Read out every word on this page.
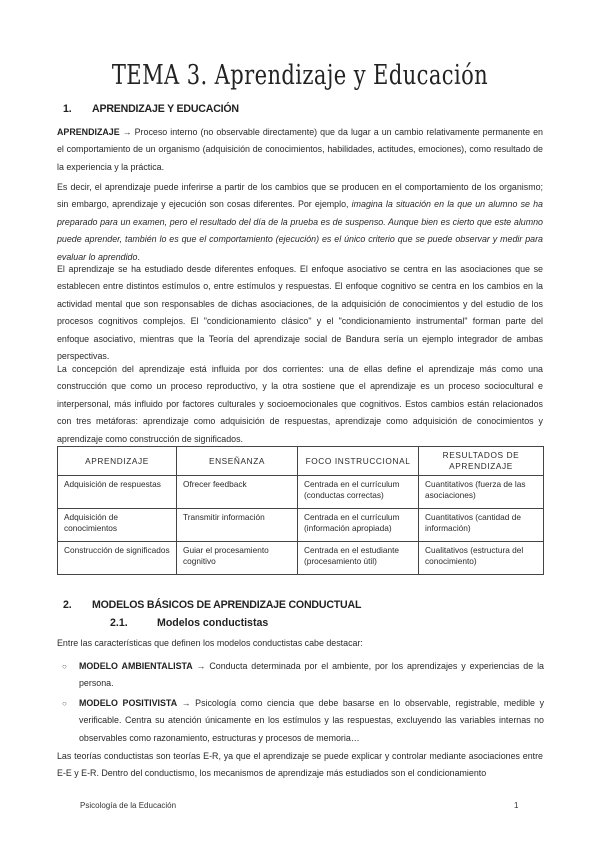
TEMA 3. Aprendizaje y Educación
1. APRENDIZAJE Y EDUCACIÓN

APRENDIZAJE → Proceso interno (no observable directamente) que da lugar a un cambio relativamente permanente en el comportamiento de un organismo (adquisición de conocimientos, habilidades, actitudes, emociones), como resultado de la experiencia y la práctica.

Es decir, el aprendizaje puede inferirse a partir de los cambios que se producen en el comportamiento de los organismo; sin embargo, aprendizaje y ejecución son cosas diferentes. Por ejemplo, imagina la situación en la que un alumno se ha preparado para un examen, pero el resultado del día de la prueba es de suspenso. Aunque bien es cierto que este alumno puede aprender, también lo es que el comportamiento (ejecución) es el único criterio que se puede observar y medir para evaluar lo aprendido.

El aprendizaje se ha estudiado desde diferentes enfoques. El enfoque asociativo se centra en las asociaciones que se establecen entre distintos estímulos o, entre estímulos y respuestas. El enfoque cognitivo se centra en los cambios en la actividad mental que son responsables de dichas asociaciones, de la adquisición de conocimientos y del estudio de los procesos cognitivos complejos. El "condicionamiento clásico" y el "condicionamiento instrumental" forman parte del enfoque asociativo, mientras que la Teoría del aprendizaje social de Bandura sería un ejemplo integrador de ambas perspectivas.

La concepción del aprendizaje está influida por dos corrientes: una de ellas define el aprendizaje más como una construcción que como un proceso reproductivo, y la otra sostiene que el aprendizaje es un proceso sociocultural e interpersonal, más influido por factores culturales y socioemocionales que cognitivos. Estos cambios están relacionados con tres metáforas: aprendizaje como adquisición de respuestas, aprendizaje como adquisición de conocimientos y aprendizaje como construcción de significados.

APRENDIZAJE	ENSEÑANZA	FOCO INSTRUCCIONAL	RESULTADOS DE APRENDIZAJE
Adquisición de respuestas	Ofrecer feedback	Centrada en el currículum (conductas correctas)	Cuantitativos (fuerza de las asociaciones)
Adquisición de conocimientos	Transmitir información	Centrada en el currículum (información apropiada)	Cuantitativos (cantidad de información)
Construcción de significados	Guiar el procesamiento cognitivo	Centrada en el estudiante (procesamiento útil)	Cualitativos (estructura del conocimiento)
2. MODELOS BÁSICOS DE APRENDIZAJE CONDUCTUAL
2.1.	Modelos conductistas

Entre las características que definen los modelos conductistas cabe destacar:

○ MODELO AMBIENTALISTA → Conducta determinada por el ambiente, por los aprendizajes y experiencias de la persona.
○ MODELO POSITIVISTA → Psicología como ciencia que debe basarse en lo observable, registrable, medible y verificable. Centra su atención únicamente en los estímulos y las respuestas, excluyendo las variables internas no observables como razonamiento, estructuras y procesos de memoria…

Las teorías conductistas son teorías E-R, ya que el aprendizaje se puede explicar y controlar mediante asociaciones entre E-E y E-R. Dentro del conductismo, los mecanismos de aprendizaje más estudiados son el condicionamiento

Psicología de la Educación	1
